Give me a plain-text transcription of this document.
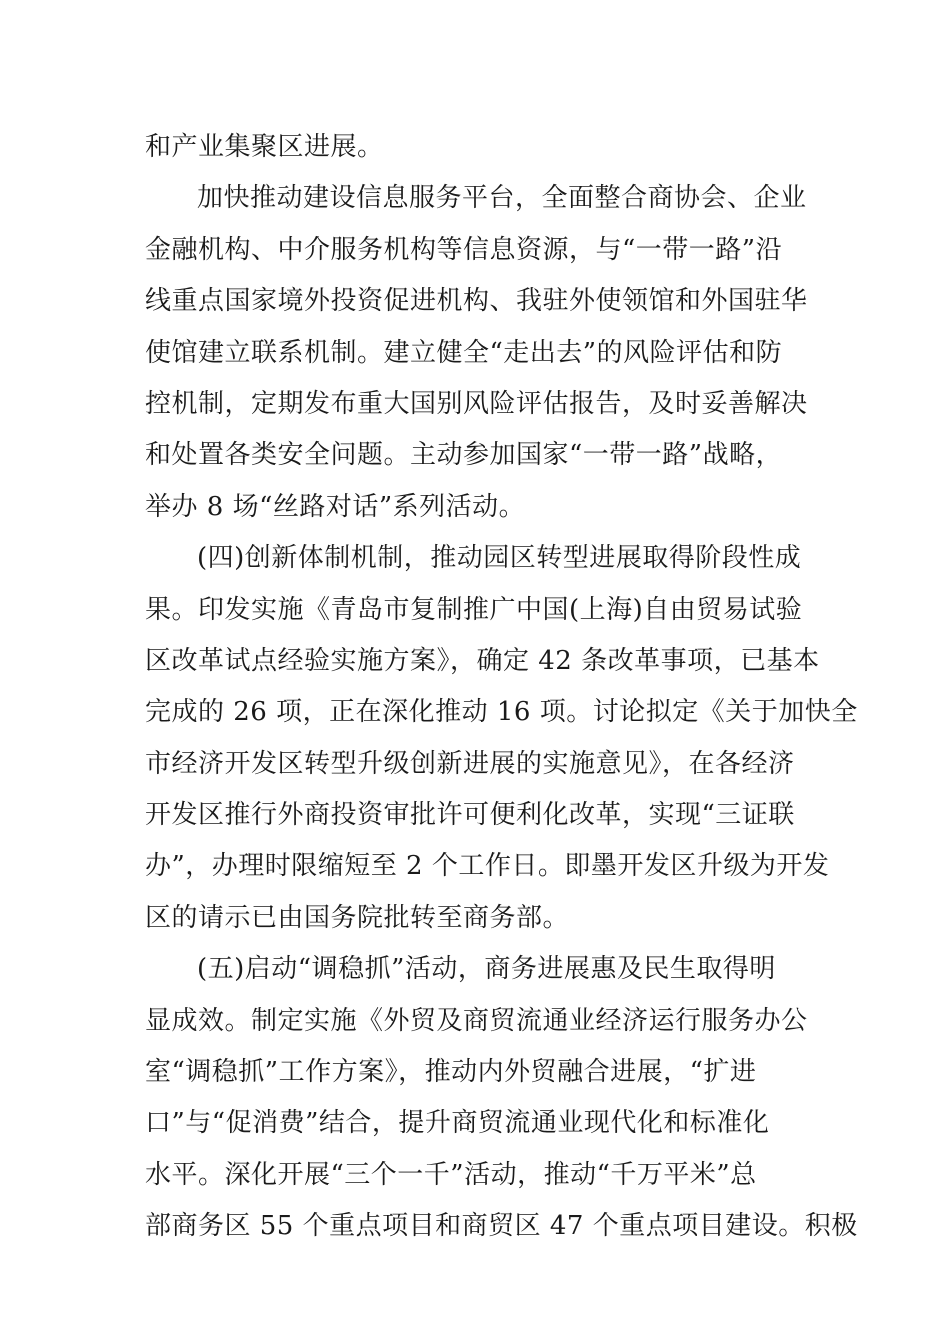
和产业集聚区进展。
加快推动建设信息服务平台，全面整合商协会、企业
金融机构、中介服务机构等信息资源，与“一带一路”沿
线重点国家境外投资促进机构、我驻外使领馆和外国驻华
使馆建立联系机制。建立健全“走出去”的风险评估和防
控机制，定期发布重大国别风险评估报告，及时妥善解决
和处置各类安全问题。主动参加国家“一带一路”战略，
举办 8 场“丝路对话”系列活动。
(四)创新体制机制，推动园区转型进展取得阶段性成
果。印发实施《青岛市复制推广中国(上海)自由贸易试验
区改革试点经验实施方案》，确定 42 条改革事项，已基本
完成的 26 项，正在深化推动 16 项。讨论拟定《关于加快全
市经济开发区转型升级创新进展的实施意见》，在各经济
开发区推行外商投资审批许可便利化改革，实现“三证联
办”，办理时限缩短至 2 个工作日。即墨开发区升级为开发
区的请示已由国务院批转至商务部。
(五)启动“调稳抓”活动，商务进展惠及民生取得明
显成效。制定实施《外贸及商贸流通业经济运行服务办公
室“调稳抓”工作方案》，推动内外贸融合进展，“扩进
口”与“促消费”结合，提升商贸流通业现代化和标准化
水平。深化开展“三个一千”活动，推动“千万平米”总
部商务区 55 个重点项目和商贸区 47 个重点项目建设。积极
